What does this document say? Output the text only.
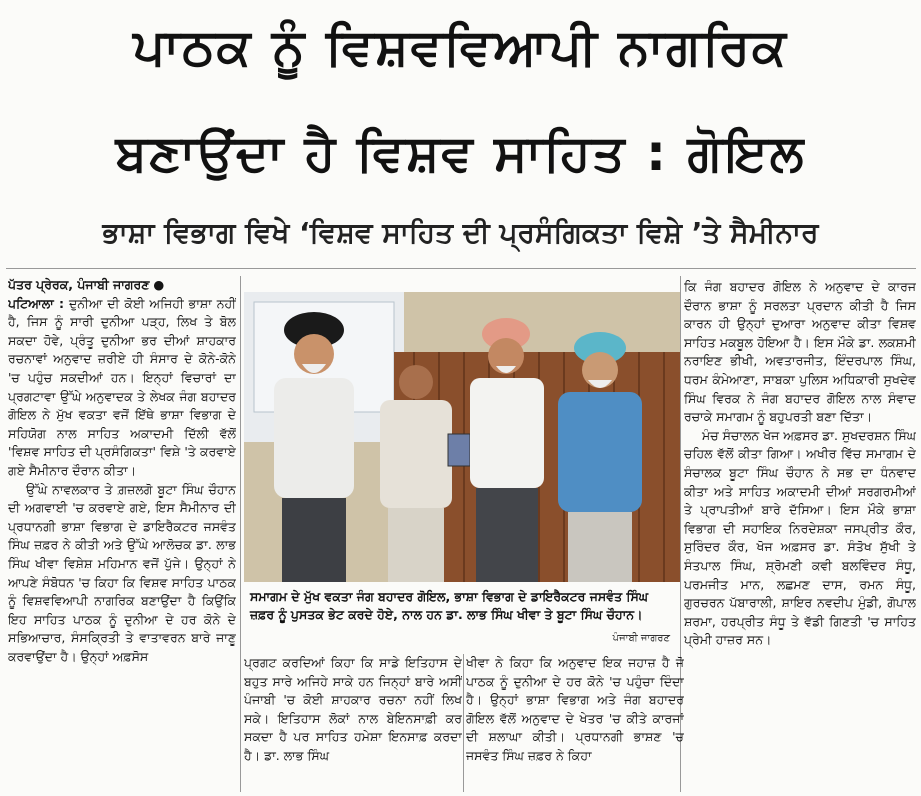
ਪਾਠਕ ਨੂੰ ਵਿਸ਼ਵਵਿਆਪੀ ਨਾਗਰਿਕ
ਬਣਾਉਂਦਾ ਹੈ ਵਿਸ਼ਵ ਸਾਹਿਤ : ਗੋਇਲ
ਭਾਸ਼ਾ ਵਿਭਾਗ ਵਿਖੇ ‘ਵਿਸ਼ਵ ਸਾਹਿਤ ਦੀ ਪ੍ਰਸੰਗਿਕਤਾ ਵਿਸ਼ੇ ’ਤੇ ਸੈਮੀਨਾਰ

ਪੱਤਰ ਪ੍ਰੇਰਕ, ਪੰਜਾਬੀ ਜਾਗਰਣ ●

ਪਟਿਆਲਾ : ਦੁਨੀਆ ਦੀ ਕੋਈ ਅਜਿਹੀ ਭਾਸ਼ਾ ਨਹੀਂ ਹੈ, ਜਿਸ ਨੂੰ ਸਾਰੀ ਦੁਨੀਆ ਪੜ੍ਹ, ਲਿਖ ਤੇ ਬੋਲ ਸਕਦਾ ਹੋਵੇ, ਪ੍ਰੰਤੂ ਦੁਨੀਆ ਭਰ ਦੀਆਂ ਸ਼ਾਹਕਾਰ ਰਚਨਾਵਾਂ ਅਨੁਵਾਦ ਜ਼ਰੀਏ ਹੀ ਸੰਸਾਰ ਦੇ ਕੋਨੇ-ਕੋਨੇ 'ਚ ਪਹੁੰਚ ਸਕਦੀਆਂ ਹਨ। ਇਨ੍ਹਾਂ ਵਿਚਾਰਾਂ ਦਾ ਪ੍ਰਗਟਾਵਾ ਉੱਘੇ ਅਨੁਵਾਦਕ ਤੇ ਲੇਖਕ ਜੰਗ ਬਹਾਦਰ ਗੋਇਲ ਨੇ ਮੁੱਖ ਵਕਤਾ ਵਜੋਂ ਇੱਥੇ ਭਾਸ਼ਾ ਵਿਭਾਗ ਦੇ ਸਹਿਯੋਗ ਨਾਲ ਸਾਹਿਤ ਅਕਾਦਮੀ ਦਿੱਲੀ ਵੱਲੋਂ 'ਵਿਸ਼ਵ ਸਾਹਿਤ ਦੀ ਪ੍ਰਸੰਗਿਕਤਾ' ਵਿਸ਼ੇ 'ਤੇ ਕਰਵਾਏ ਗਏ ਸੈਮੀਨਾਰ ਦੌਰਾਨ ਕੀਤਾ।

ਉੱਘੇ ਨਾਵਲਕਾਰ ਤੇ ਗ਼ਜ਼ਲਗੋ ਬੂਟਾ ਸਿੰਘ ਚੌਹਾਨ ਦੀ ਅਗਵਾਈ 'ਚ ਕਰਵਾਏ ਗਏ, ਇਸ ਸੈਮੀਨਾਰ ਦੀ ਪ੍ਰਧਾਨਗੀ ਭਾਸ਼ਾ ਵਿਭਾਗ ਦੇ ਡਾਇਰੈਕਟਰ ਜਸਵੰਤ ਸਿੰਘ ਜ਼ਫ਼ਰ ਨੇ ਕੀਤੀ ਅਤੇ ਉੱਘੇ ਆਲੋਚਕ ਡਾ. ਲਾਭ ਸਿੰਘ ਖੀਵਾ ਵਿਸ਼ੇਸ਼ ਮਹਿਮਾਨ ਵਜੋਂ ਪੁੱਜੇ। ਉਨ੍ਹਾਂ ਨੇ ਆਪਣੇ ਸੰਬੋਧਨ 'ਚ ਕਿਹਾ ਕਿ ਵਿਸ਼ਵ ਸਾਹਿਤ ਪਾਠਕ ਨੂੰ ਵਿਸ਼ਵਵਿਆਪੀ ਨਾਗਰਿਕ ਬਣਾਉਂਦਾ ਹੈ ਕਿਉਂਕਿ ਇਹ ਸਾਹਿਤ ਪਾਠਕ ਨੂੰ ਦੁਨੀਆ ਦੇ ਹਰ ਕੋਨੇ ਦੇ ਸਭਿਆਚਾਰ, ਸੰਸਕ੍ਰਿਤੀ ਤੇ ਵਾਤਾਵਰਨ ਬਾਰੇ ਜਾਣੂ ਕਰਵਾਉਂਦਾ ਹੈ। ਉਨ੍ਹਾਂ ਅਫ਼ਸੋਸ

ਸਮਾਗਮ ਦੇ ਮੁੱਖ ਵਕਤਾ ਜੰਗ ਬਹਾਦਰ ਗੋਇਲ, ਭਾਸ਼ਾ ਵਿਭਾਗ ਦੇ ਡਾਇਰੈਕਟਰ ਜਸਵੰਤ ਸਿੰਘ ਜ਼ਫ਼ਰ ਨੂੰ ਪੁਸਤਕ ਭੇਟ ਕਰਦੇ ਹੋਏ, ਨਾਲ ਹਨ ਡਾ. ਲਾਭ ਸਿੰਘ ਖੀਵਾ ਤੇ ਬੂਟਾ ਸਿੰਘ ਚੌਹਾਨ।
ਪੰਜਾਬੀ ਜਾਗਰਣ

ਪ੍ਰਗਟ ਕਰਦਿਆਂ ਕਿਹਾ ਕਿ ਸਾਡੇ ਇਤਿਹਾਸ ਦੇ ਬਹੁਤ ਸਾਰੇ ਅਜਿਹੇ ਸਾਕੇ ਹਨ ਜਿਨ੍ਹਾਂ ਬਾਰੇ ਅਸੀਂ ਪੰਜਾਬੀ 'ਚ ਕੋਈ ਸ਼ਾਹਕਾਰ ਰਚਨਾ ਨਹੀਂ ਲਿਖ ਸਕੇ। ਇਤਿਹਾਸ ਲੋਕਾਂ ਨਾਲ ਬੇਇਨਸਾਫ਼ੀ ਕਰ ਸਕਦਾ ਹੈ ਪਰ ਸਾਹਿਤ ਹਮੇਸ਼ਾ ਇਨਸਾਫ਼ ਕਰਦਾ ਹੈ। ਡਾ. ਲਾਭ ਸਿੰਘ

ਖੀਵਾ ਨੇ ਕਿਹਾ ਕਿ ਅਨੁਵਾਦ ਇਕ ਜਹਾਜ਼ ਹੈ ਜੋ ਪਾਠਕ ਨੂੰ ਦੁਨੀਆ ਦੇ ਹਰ ਕੋਨੇ 'ਚ ਪਹੁੰਚਾ ਦਿੰਦਾ ਹੈ। ਉਨ੍ਹਾਂ ਭਾਸ਼ਾ ਵਿਭਾਗ ਅਤੇ ਜੰਗ ਬਹਾਦਰ ਗੋਇਲ ਵੱਲੋਂ ਅਨੁਵਾਦ ਦੇ ਖੇਤਰ 'ਚ ਕੀਤੇ ਕਾਰਜਾਂ ਦੀ ਸ਼ਲਾਘਾ ਕੀਤੀ। ਪ੍ਰਧਾਨਗੀ ਭਾਸ਼ਣ 'ਚ ਜਸਵੰਤ ਸਿੰਘ ਜ਼ਫ਼ਰ ਨੇ ਕਿਹਾ

ਕਿ ਜੰਗ ਬਹਾਦਰ ਗੋਇਲ ਨੇ ਅਨੁਵਾਦ ਦੇ ਕਾਰਜ ਦੌਰਾਨ ਭਾਸ਼ਾ ਨੂੰ ਸਰਲਤਾ ਪ੍ਰਦਾਨ ਕੀਤੀ ਹੈ ਜਿਸ ਕਾਰਨ ਹੀ ਉਨ੍ਹਾਂ ਦੁਆਰਾ ਅਨੁਵਾਦ ਕੀਤਾ ਵਿਸ਼ਵ ਸਾਹਿਤ ਮਕਬੂਲ ਹੋਇਆ ਹੈ। ਇਸ ਮੌਕੇ ਡਾ. ਲਕਸ਼ਮੀ ਨਰਾਇਣ ਭੀਖੀ, ਅਵਤਾਰਜੀਤ, ਇੰਦਰਪਾਲ ਸਿੰਘ, ਧਰਮ ਕੰਮੇਆਣਾ, ਸਾਬਕਾ ਪੁਲਿਸ ਅਧਿਕਾਰੀ ਸੁਖਦੇਵ ਸਿੰਘ ਵਿਰਕ ਨੇ ਜੰਗ ਬਹਾਦਰ ਗੋਇਲ ਨਾਲ ਸੰਵਾਦ ਰਚਾਕੇ ਸਮਾਗਮ ਨੂੰ ਬਹੁਪਰਤੀ ਬਣਾ ਦਿੱਤਾ।

ਮੰਚ ਸੰਚਾਲਨ ਖੋਜ ਅਫ਼ਸਰ ਡਾ. ਸੁਖਦਰਸ਼ਨ ਸਿੰਘ ਚਹਿਲ ਵੱਲੋਂ ਕੀਤਾ ਗਿਆ। ਅਖੀਰ ਵਿੱਚ ਸਮਾਗਮ ਦੇ ਸੰਚਾਲਕ ਬੂਟਾ ਸਿੰਘ ਚੌਹਾਨ ਨੇ ਸਭ ਦਾ ਧੰਨਵਾਦ ਕੀਤਾ ਅਤੇ ਸਾਹਿਤ ਅਕਾਦਮੀ ਦੀਆਂ ਸਰਗਰਮੀਆਂ ਤੇ ਪ੍ਰਾਪਤੀਆਂ ਬਾਰੇ ਦੱਸਿਆ। ਇਸ ਮੌਕੇ ਭਾਸ਼ਾ ਵਿਭਾਗ ਦੀ ਸਹਾਇਕ ਨਿਰਦੇਸ਼ਕਾ ਜਸਪ੍ਰੀਤ ਕੌਰ, ਸੁਰਿੰਦਰ ਕੌਰ, ਖੋਜ ਅਫ਼ਸਰ ਡਾ. ਸੰਤੋਖ ਸੁੱਖੀ ਤੇ ਸੰਤਪਾਲ ਸਿੰਘ, ਸ਼੍ਰੋਮਣੀ ਕਵੀ ਬਲਵਿੰਦਰ ਸੰਧੂ, ਪਰਮਜੀਤ ਮਾਨ, ਲਛਮਣ ਦਾਸ, ਰਮਨ ਸੰਧੂ, ਗੁਰਚਰਨ ਪੱਬਾਰਾਲੀ, ਸ਼ਾਇਰ ਨਵਦੀਪ ਮੁੰਡੀ, ਗੋਪਾਲ ਸ਼ਰਮਾ, ਹਰਪ੍ਰੀਤ ਸੰਧੂ ਤੇ ਵੱਡੀ ਗਿਣਤੀ 'ਚ ਸਾਹਿਤ ਪ੍ਰੇਮੀ ਹਾਜ਼ਰ ਸਨ।
